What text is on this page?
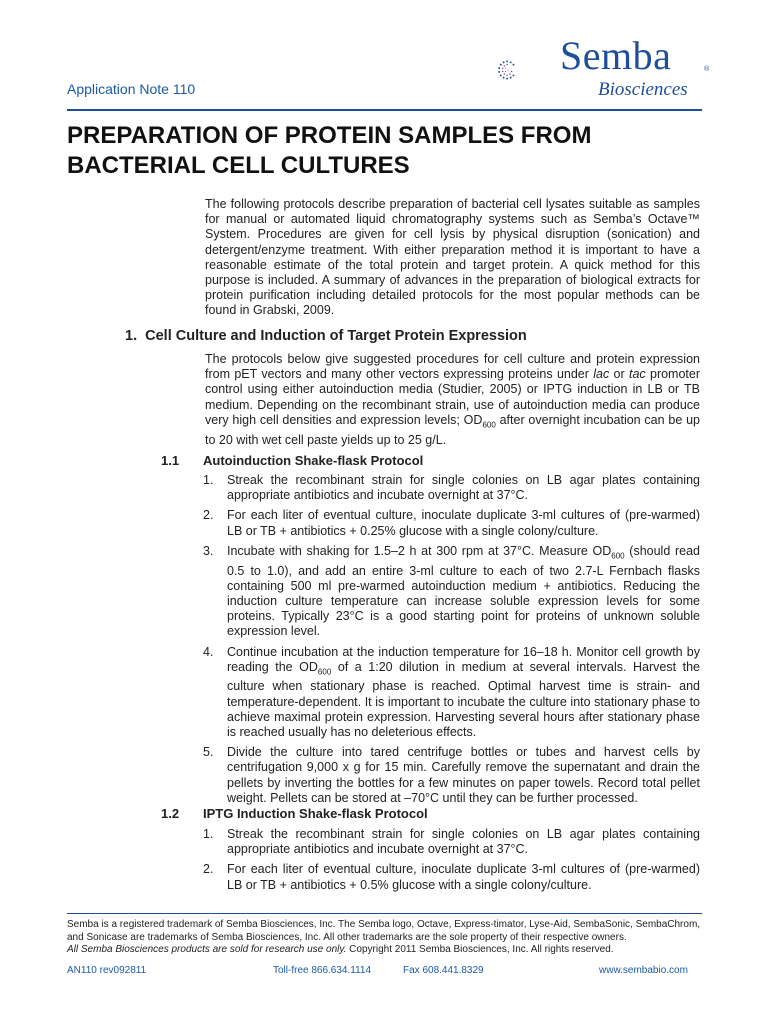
Application Note 110
Semba	®
Biosciences
PREPARATION OF PROTEIN SAMPLES FROM BACTERIAL CELL CULTURES
The following protocols describe preparation of bacterial cell lysates suitable as samples for manual or automated liquid chromatography systems such as Semba’s Octave™ System. Procedures are given for cell lysis by physical disruption (sonication) and detergent/enzyme treatment. With either preparation method it is important to have a reasonable estimate of the total protein and target protein. A quick method for this purpose is included. A summary of advances in the preparation of biological extracts for protein purification including detailed protocols for the most popular methods can be found in Grabski, 2009.
1.  Cell Culture and Induction of Target Protein Expression
The protocols below give suggested procedures for cell culture and protein expression from pET vectors and many other vectors expressing proteins under lac or tac promoter control using either autoinduction media (Studier, 2005) or IPTG induction in LB or TB medium. Depending on the recombinant strain, use of autoinduction media can produce very high cell densities and expression levels; $OD_{600}$ after overnight incubation can be up to 20 with wet cell paste yields up to 25 g/L.
1.1 Autoinduction Shake-flask Protocol
1. Streak the recombinant strain for single colonies on LB agar plates containing appropriate antibiotics and incubate overnight at 37°C.
2. For each liter of eventual culture, inoculate duplicate 3-ml cultures of (pre-warmed) LB or TB + antibiotics + 0.25% glucose with a single colony/culture.
3. Incubate with shaking for 1.5–2 h at 300 rpm at 37°C. Measure $OD_{600}$ (should read 0.5 to 1.0), and add an entire 3-ml culture to each of two 2.7-L Fernbach flasks containing 500 ml pre-warmed autoinduction medium + antibiotics. Reducing the induction culture temperature can increase soluble expression levels for some proteins. Typically 23°C is a good starting point for proteins of unknown soluble expression level.
4. Continue incubation at the induction temperature for 16–18 h. Monitor cell growth by reading the $OD_{600}$ of a 1:20 dilution in medium at several intervals. Harvest the culture when stationary phase is reached. Optimal harvest time is strain- and temperature-dependent. It is important to incubate the culture into stationary phase to achieve maximal protein expression. Harvesting several hours after stationary phase is reached usually has no deleterious effects.
5. Divide the culture into tared centrifuge bottles or tubes and harvest cells by centrifugation 9,000 x g for 15 min. Carefully remove the supernatant and drain the pellets by inverting the bottles for a few minutes on paper towels. Record total pellet weight. Pellets can be stored at –70°C until they can be further processed.
1.2 IPTG Induction Shake-flask Protocol
1. Streak the recombinant strain for single colonies on LB agar plates containing appropriate antibiotics and incubate overnight at 37°C.
2. For each liter of eventual culture, inoculate duplicate 3-ml cultures of (pre-warmed) LB or TB + antibiotics + 0.5% glucose with a single colony/culture.
Semba is a registered trademark of Semba Biosciences, Inc. The Semba logo, Octave, Express-timator, Lyse-Aid, SembaSonic, SembaChrom, and Sonicase are trademarks of Semba Biosciences, Inc. All other trademarks are the sole property of their respective owners.
All Semba Biosciences products are sold for research use only. Copyright 2011 Semba Biosciences, Inc. All rights reserved.
AN110 rev092811	Toll-free 866.634.1114	Fax 608.441.8329	www.sembabio.com
